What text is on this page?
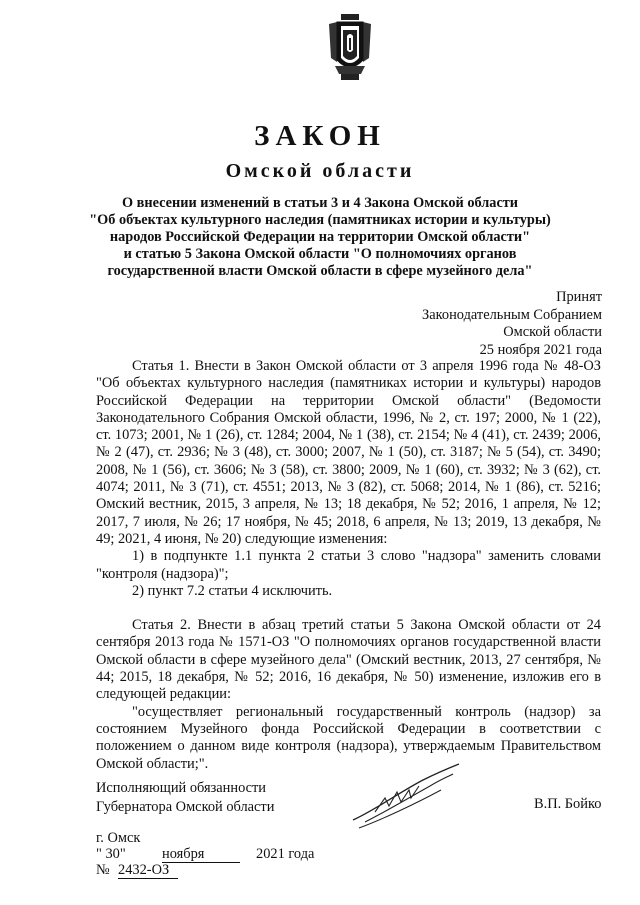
ЗАКОН
Омской области
О внесении изменений в статьи 3 и 4 Закона Омской области
"Об объектах культурного наследия (памятниках истории и культуры)
народов Российской Федерации на территории Омской области"
и статью 5 Закона Омской области "О полномочиях органов
государственной власти Омской области в сфере музейного дела"
Принят
Законодательным Собранием
Омской области
25 ноября 2021 года

Статья 1. Внести в Закон Омской области от 3 апреля 1996 года № 48-ОЗ "Об объектах культурного наследия (памятниках истории и культуры) народов Российской Федерации на территории Омской области" (Ведомости Законодательного Собрания Омской области, 1996, № 2, ст. 197; 2000, № 1 (22), ст. 1073; 2001, № 1 (26), ст. 1284; 2004, № 1 (38), ст. 2154; № 4 (41), ст. 2439; 2006, № 2 (47), ст. 2936; № 3 (48), ст. 3000; 2007, № 1 (50), ст. 3187; № 5 (54), ст. 3490; 2008, № 1 (56), ст. 3606; № 3 (58), ст. 3800; 2009, № 1 (60), ст. 3932; № 3 (62), ст. 4074; 2011, № 3 (71), ст. 4551; 2013, № 3 (82), ст. 5068; 2014, № 1 (86), ст. 5216; Омский вестник, 2015, 3 апреля, № 13; 18 декабря, № 52; 2016, 1 апреля, № 12; 2017, 7 июля, № 26; 17 ноября, № 45; 2018, 6 апреля, № 13; 2019, 13 декабря, № 49; 2021, 4 июня, № 20) следующие изменения:

1) в подпункте 1.1 пункта 2 статьи 3 слово "надзора" заменить словами "контроля (надзора)";

2) пункт 7.2 статьи 4 исключить.

Статья 2. Внести в абзац третий статьи 5 Закона Омской области от 24 сентября 2013 года № 1571-ОЗ "О полномочиях органов государственной власти Омской области в сфере музейного дела" (Омский вестник, 2013, 27 сентября, № 44; 2015, 18 декабря, № 52; 2016, 16 декабря, № 50) изменение, изложив его в следующей редакции:

"осуществляет региональный государственный контроль (надзор) за состоянием Музейного фонда Российской Федерации в соответствии с положением о данном виде контроля (надзора), утверждаемым Правительством Омской области;".

Исполняющий обязанности
Губернатора Омской области	В.П. Бойко
г. Омск
" 30"	ноября	2021 года
№ 2432-ОЗ
